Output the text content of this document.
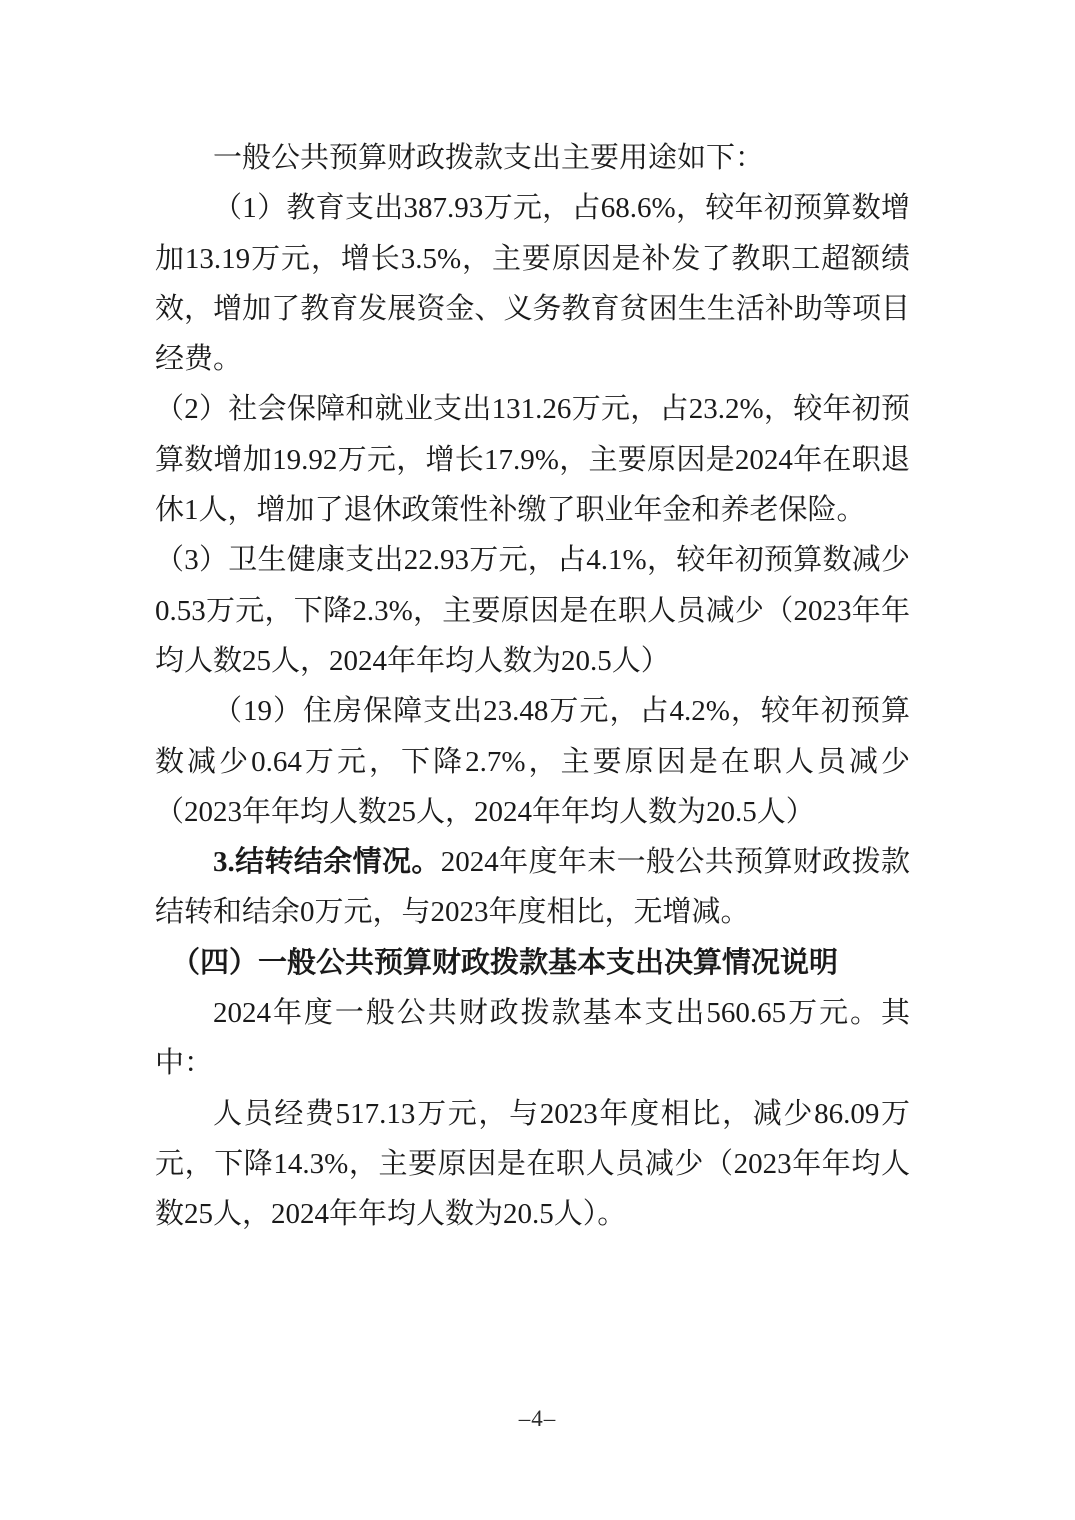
一般公共预算财政拨款支出主要用途如下：

（1）教育支出387.93万元，占68.6%，较年初预算数增加13.19万元，增长3.5%，主要原因是补发了教职工超额绩效，增加了教育发展资金、义务教育贫困生生活补助等项目经费。

（2）社会保障和就业支出131.26万元，占23.2%，较年初预算数增加19.92万元，增长17.9%，主要原因是2024年在职退休1人，增加了退休政策性补缴了职业年金和养老保险。

（3）卫生健康支出22.93万元，占4.1%，较年初预算数减少0.53万元，下降2.3%，主要原因是在职人员减少（2023年年均人数25人，2024年年均人数为20.5人）

（19）住房保障支出23.48万元，占4.2%，较年初预算数减少0.64万元，下降2.7%，主要原因是在职人员减少（2023年年均人数25人，2024年年均人数为20.5人）

3.结转结余情况。2024年度年末一般公共预算财政拨款结转和结余0万元，与2023年度相比，无增减。

（四）一般公共预算财政拨款基本支出决算情况说明

2024年度一般公共财政拨款基本支出560.65万元。其中：

人员经费517.13万元，与2023年度相比，减少86.09万元，下降14.3%，主要原因是在职人员减少（2023年年均人数25人，2024年年均人数为20.5人）。

–4–
